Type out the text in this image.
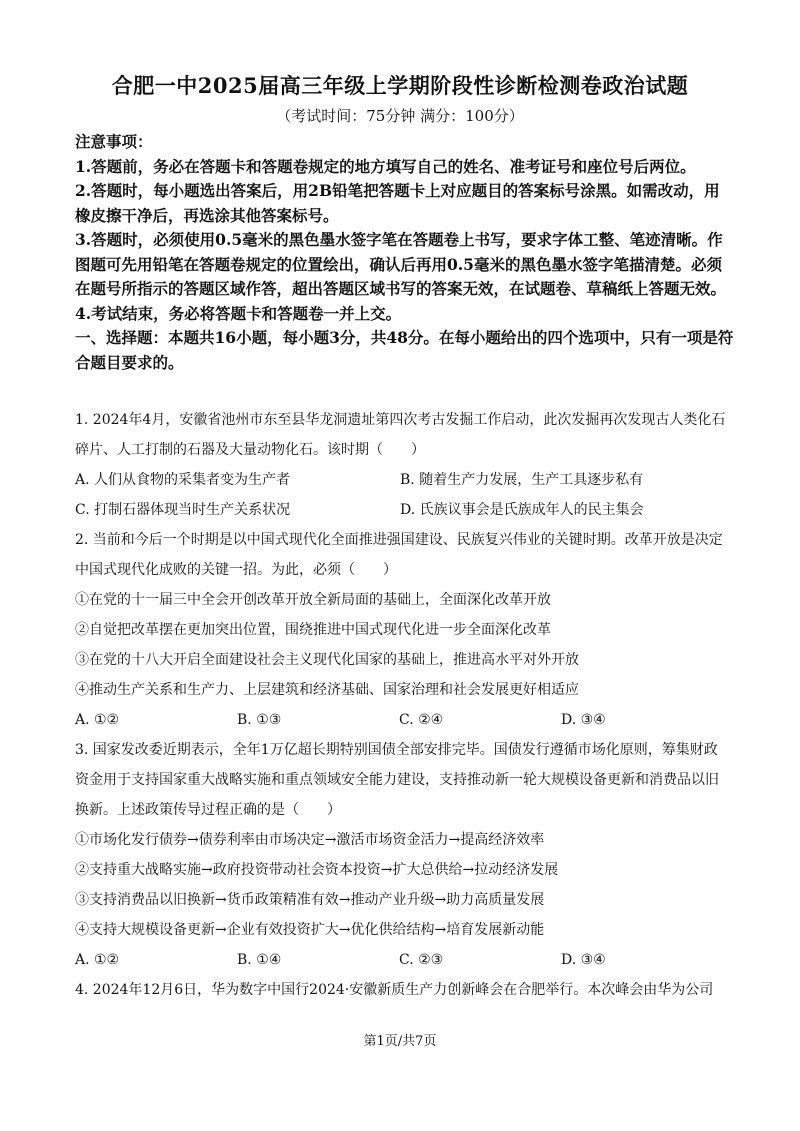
合肥一中2025届高三年级上学期阶段性诊断检测卷政治试题
（考试时间：75分钟 满分：100分）

注意事项：

1.答题前，务必在答题卡和答题卷规定的地方填写自己的姓名、准考证号和座位号后两位。

2.答题时，每小题选出答案后，用2B铅笔把答题卡上对应题目的答案标号涂黑。如需改动，用橡皮擦干净后，再选涂其他答案标号。

3.答题时，必须使用0.5毫米的黑色墨水签字笔在答题卷上书写，要求字体工整、笔迹清晰。作图题可先用铅笔在答题卷规定的位置绘出，确认后再用0.5毫米的黑色墨水签字笔描清楚。必须在题号所指示的答题区域作答，超出答题区域书写的答案无效，在试题卷、草稿纸上答题无效。

4.考试结束，务必将答题卡和答题卷一并上交。

一、选择题：本题共16小题，每小题3分，共48分。在每小题给出的四个选项中，只有一项是符合题目要求的。

1. 2024年4月，安徽省池州市东至县华龙洞遗址第四次考古发掘工作启动，此次发掘再次发现古人类化石碎片、人工打制的石器及大量动物化石。该时期（　　）

A. 人们从食物的采集者变为生产者	B. 随着生产力发展，生产工具逐步私有
C. 打制石器体现当时生产关系状况	D. 氏族议事会是氏族成年人的民主集会

2. 当前和今后一个时期是以中国式现代化全面推进强国建设、民族复兴伟业的关键时期。改革开放是决定中国式现代化成败的关键一招。为此，必须（　　）

①在党的十一届三中全会开创改革开放全新局面的基础上，全面深化改革开放

②自觉把改革摆在更加突出位置，围绕推进中国式现代化进一步全面深化改革

③在党的十八大开启全面建设社会主义现代化国家的基础上，推进高水平对外开放

④推动生产关系和生产力、上层建筑和经济基础、国家治理和社会发展更好相适应

A. ①②	B. ①③	C. ②④	D. ③④

3. 国家发改委近期表示，全年1万亿超长期特别国债全部安排完毕。国债发行遵循市场化原则，筹集财政资金用于支持国家重大战略实施和重点领域安全能力建设，支持推动新一轮大规模设备更新和消费品以旧换新。上述政策传导过程正确的是（　　）

①市场化发行债券→债券利率由市场决定→激活市场资金活力→提高经济效率

②支持重大战略实施→政府投资带动社会资本投资→扩大总供给→拉动经济发展

③支持消费品以旧换新→货币政策精准有效→推动产业升级→助力高质量发展

④支持大规模设备更新→企业有效投资扩大→优化供给结构→培育发展新动能

A. ①②	B. ①④	C. ②③	D. ③④

4. 2024年12月6日，华为数字中国行2024·安徽新质生产力创新峰会在合肥举行。本次峰会由华为公司

第1页/共7页
